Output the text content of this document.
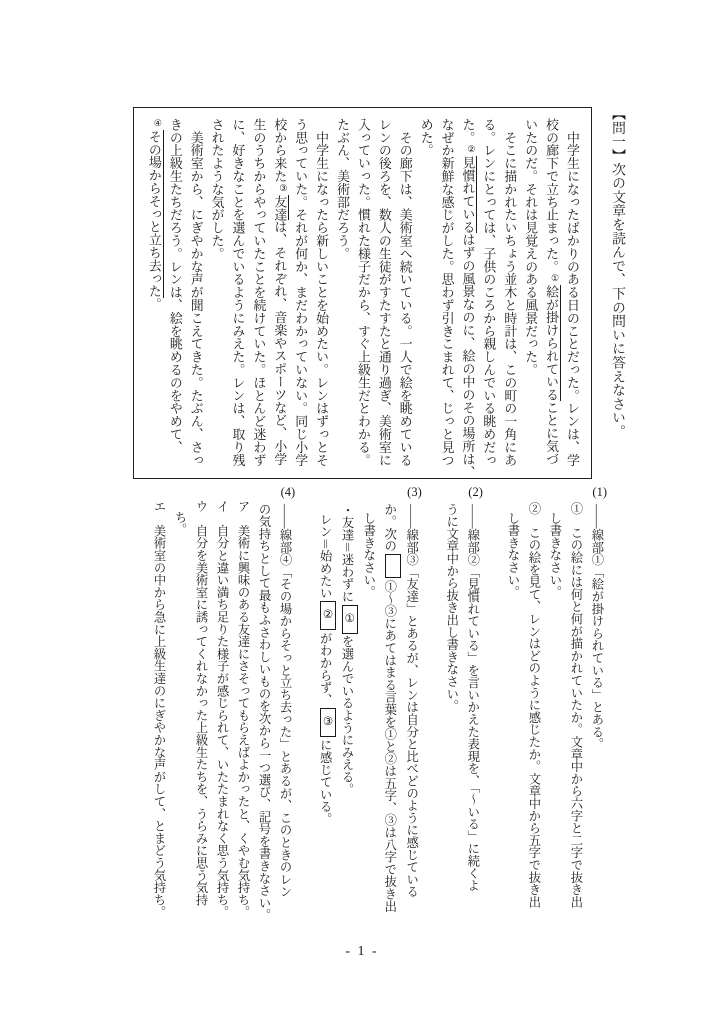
【問一】次の文章を読んで、下の問いに答えなさい。
　中学生になったばかりのある日のことだった。レンは、学
校の廊下で立ち止まった。①絵が掛けられていることに気づ
いたのだ。それは見覚えのある風景だった。
　そこに描かれたいちょう並木と時計は、この町の一角にあ
る。レンにとっては、子供のころから親しんでいる眺めだっ
た。②見慣れているはずの風景なのに、絵の中のその場所は、
なぜか新鮮な感じがした。思わず引きこまれて、じっと見つ
めた。
　その廊下は、美術室へ続いている。一人で絵を眺めている
レンの後ろを、数人の生徒がすたすたと通り過ぎ、美術室に
入っていった。慣れた様子だから、すぐ上級生だとわかる。
たぶん、美術部だろう。
　中学生になったら新しいことを始めたい。レンはずっとそ
う思っていた。それが何か、まだわかっていない。同じ小学
校から来た③友達は、それぞれ、音楽やスポーツなど、小学
生のうちからやっていたことを続けていた。ほとんど迷わず
に、好きなことを選んでいるようにみえた。レンは、取り残
されたような気がした。
　美術室から、にぎやかな声が聞こえてきた。たぶん、さっ
きの上級生たちだろう。レンは、絵を眺めるのをやめて、
④その場からそっと立ち去った。
(1)――線部①「絵が掛けられている」とある。
①　この絵には何と何が描かれていたか。文章中から六字と二字で抜き出
し書きなさい。
②　この絵を見て、レンはどのように感じたか。文章中から五字で抜き出
し書きなさい。
(2)――線部②「見慣れている」を言いかえた表現を、「～いる」に続くよ
うに文章中から抜き出し書きなさい。
(3)――線部③「友達」とあるが、レンは自分と比べどのように感じている
か。次の①～③にあてはまる言葉を①と②は五字、③は八字で抜き出
し書きなさい。
・友達＝迷わずに①を選んでいるようにみえる。
レン＝始めたい②がわからず、③に感じている。
(4)――線部④「その場からそっと立ち去った」とあるが、このときのレン
の気持ちとして最もふさわしいものを次から一つ選び、記号を書きなさい。
ア　美術に興味のある友達にさそってもらえばよかったと、くやむ気持ち。
イ　自分と違い満ち足りた様子が感じられて、いたたまれなく思う気持ち。
ウ　自分を美術室に誘ってくれなかった上級生たちを、うらみに思う気持
ち。
エ　美術室の中から急に上級生達のにぎやかな声がして、とまどう気持ち。
- 1 -
